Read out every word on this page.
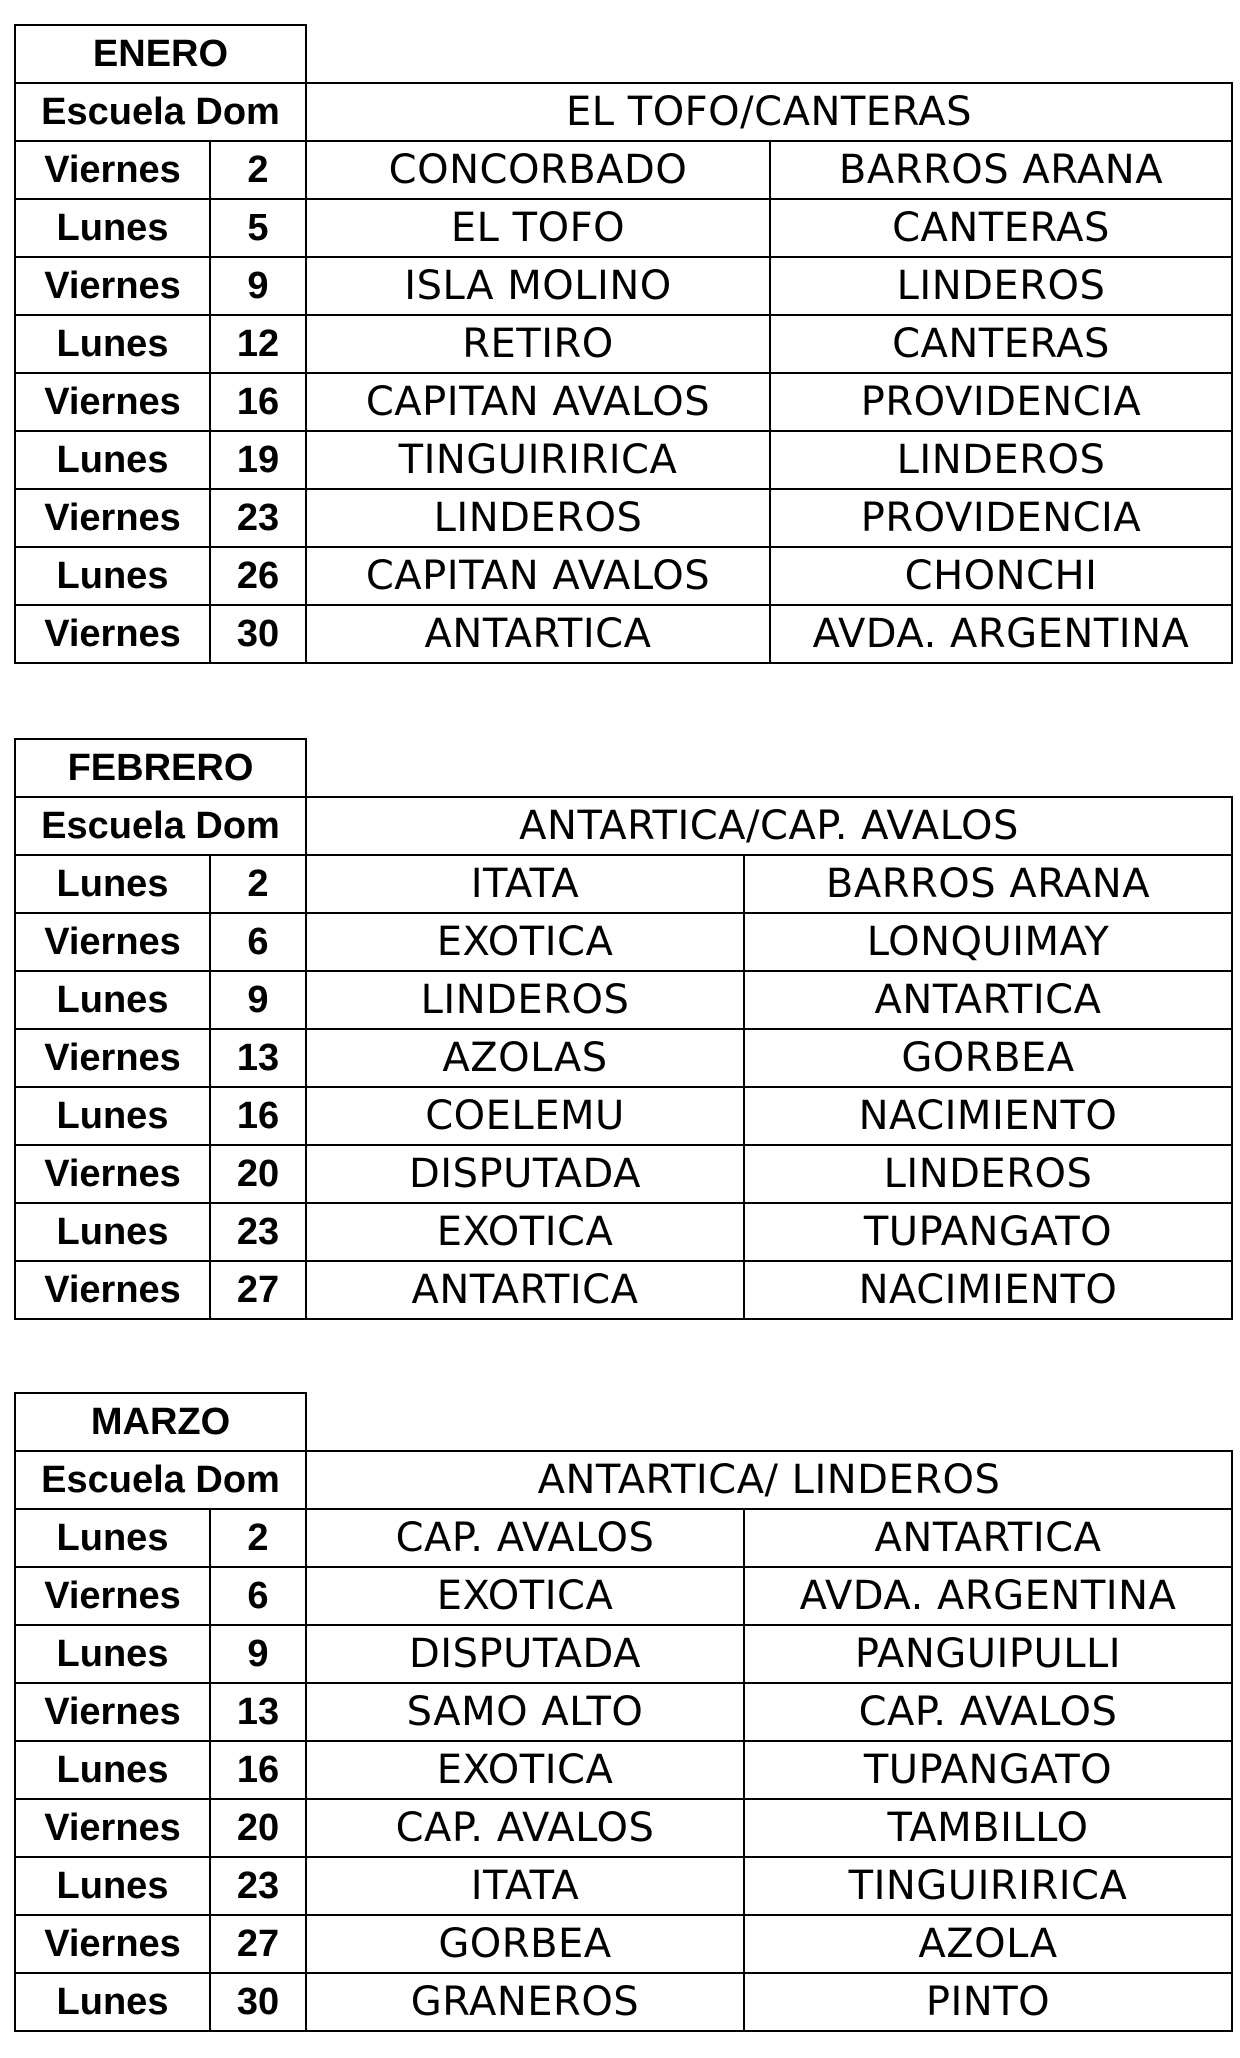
ENERO			
Escuela Dom		EL TOFO/CANTERAS	
Viernes	2	CONCORBADO	BARROS ARANA
Lunes	5	EL TOFO	CANTERAS
Viernes	9	ISLA MOLINO	LINDEROS
Lunes	12	RETIRO	CANTERAS
Viernes	16	CAPITAN AVALOS	PROVIDENCIA
Lunes	19	TINGUIRIRICA	LINDEROS
Viernes	23	LINDEROS	PROVIDENCIA
Lunes	26	CAPITAN AVALOS	CHONCHI
Viernes	30	ANTARTICA	AVDA. ARGENTINA
FEBRERO			
Escuela Dom		ANTARTICA/CAP. AVALOS	
Lunes	2	ITATA	BARROS ARANA
Viernes	6	EXOTICA	LONQUIMAY
Lunes	9	LINDEROS	ANTARTICA
Viernes	13	AZOLAS	GORBEA
Lunes	16	COELEMU	NACIMIENTO
Viernes	20	DISPUTADA	LINDEROS
Lunes	23	EXOTICA	TUPANGATO
Viernes	27	ANTARTICA	NACIMIENTO
MARZO			
Escuela Dom		ANTARTICA/ LINDEROS	
Lunes	2	CAP. AVALOS	ANTARTICA
Viernes	6	EXOTICA	AVDA. ARGENTINA
Lunes	9	DISPUTADA	PANGUIPULLI
Viernes	13	SAMO ALTO	CAP. AVALOS
Lunes	16	EXOTICA	TUPANGATO
Viernes	20	CAP. AVALOS	TAMBILLO
Lunes	23	ITATA	TINGUIRIRICA
Viernes	27	GORBEA	AZOLA
Lunes	30	GRANEROS	PINTO
